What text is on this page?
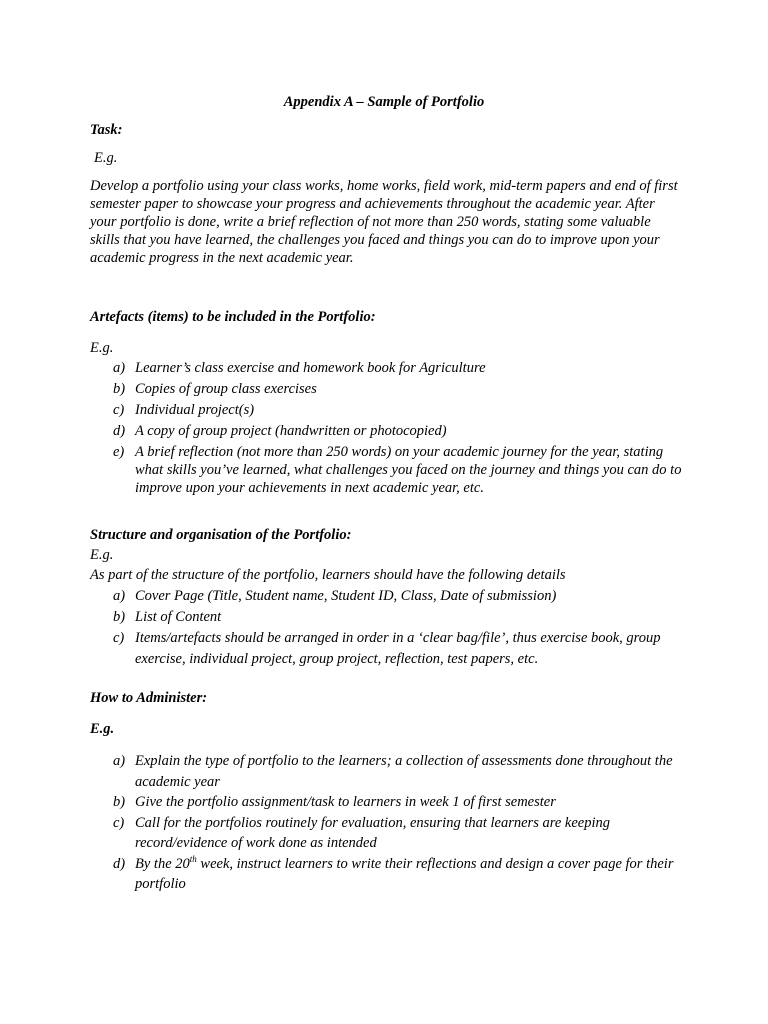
Appendix A – Sample of Portfolio

Task:

E.g.

Develop a portfolio using your class works, home works, field work, mid-term papers and end of first semester paper to showcase your progress and achievements throughout the academic year. After your portfolio is done, write a brief reflection of not more than 250 words, stating some valuable skills that you have learned, the challenges you faced and things you can do to improve upon your academic progress in the next academic year.

Artefacts (items) to be included in the Portfolio:

E.g.

a) Learner’s class exercise and homework book for Agriculture
b) Copies of group class exercises
c) Individual project(s)
d) A copy of group project (handwritten or photocopied)
e) A brief reflection (not more than 250 words) on your academic journey for the year, stating what skills you’ve learned, what challenges you faced on the journey and things you can do to improve upon your achievements in next academic year, etc.

Structure and organisation of the Portfolio:

E.g.

As part of the structure of the portfolio, learners should have the following details

a) Cover Page (Title, Student name, Student ID, Class, Date of submission)
b) List of Content
c) Items/artefacts should be arranged in order in a ‘clear bag/file’, thus exercise book, group exercise, individual project, group project, reflection, test papers, etc.

How to Administer:

E.g.

a) Explain the type of portfolio to the learners; a collection of assessments done throughout the academic year
b) Give the portfolio assignment/task to learners in week 1 of first semester
c) Call for the portfolios routinely for evaluation, ensuring that learners are keeping record/evidence of work done as intended
d) By the 20th week, instruct learners to write their reflections and design a cover page for their portfolio
